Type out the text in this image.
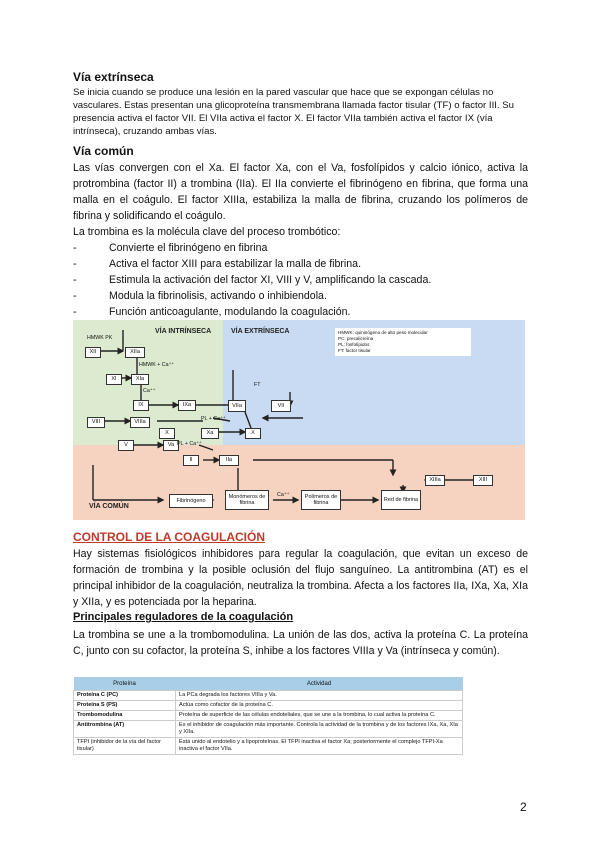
Vía extrínseca
Se inicia cuando se produce una lesión en la pared vascular que hace que se expongan células no vasculares. Estas presentan una glicoproteína transmembrana llamada factor tisular (TF) o factor III. Su presencia activa el factor VII. El VIIa activa el factor X. El factor VIIa también activa el factor IX (vía intrínseca), cruzando ambas vías.
Vía común
Las vías convergen con el Xa. El factor Xa, con el Va, fosfolípidos y calcio iónico, activa la protrombina (factor II) a trombina (IIa). El IIa convierte el fibrinógeno en fibrina, que forma una malla en el coágulo. El factor XIIIa, estabiliza la malla de fibrina, cruzando los polímeros de fibrina y solidificando el coágulo.
La trombina es la molécula clave del proceso trombótico:
-	Convierte el fibrinógeno en fibrina
-	Activa el factor XIII para estabilizar la malla de fibrina.
-	Estimula la activación del factor XI, VIII y V, amplificando la cascada.
-	Modula la fibrinolisis, activando o inhibiendola.
-	Función anticoagulante, modulando la coagulación.
VÍA INTRÍNSECA	VÍA EXTRÍNSECA
VÍA COMÚN
HMWK: quininógeno de alto peso molecular
PC: precalicreína
PL: fosfolípidos
FT: factor tisular
HMWK PK
XII	XIIa
HMWK + Ca⁺⁺
XI	XIa
Ca⁺⁺
IX	IXa
VIII	VIIIa
PL + Ca⁺⁺
X	Xa
VIIa	VII
FT
X
V	Va PL + Ca⁺⁺
II	IIa
XIIIa	XIII
Fibrinógeno
Monómeros de fibrina
Ca⁺⁺	Polímeros de fibrina
Red de fibrina
CONTROL DE LA COAGULACIÓN
Hay sistemas fisiológicos inhibidores para regular la coagulación, que evitan un exceso de formación de trombina y la posible oclusión del flujo sanguíneo. La antitrombina (AT) es el principal inhibidor de la coagulación, neutraliza la trombina. Afecta a los factores IIa, IXa, Xa, XIa y XIIa, y es potenciada por la heparina.
Principales reguladores de la coagulación
La trombina se une a la trombomodulina. La unión de las dos, activa la proteína C. La proteína C, junto con su cofactor, la proteína S, inhibe a los factores VIIIa y Va (intrínseca y común).
Proteína	Actividad
Proteína C (PC)	La PCa degrada los factores VIIIa y Va.
Proteína S (PS)	Actúa como cofactor de la proteína C.
Trombomodulina	Proteína de superficie de las células endoteliales, que se une a la trombina, lo cual activa la proteína C.
Antitrombina (AT)	Es el inhibidor de coagulación más importante. Controla la actividad de la trombina y de los factores IXa, Xa, XIa y XIIa.
TFPI (inhibidor de la vía del factor tisular)	Está unido al endotelio y a lipoproteínas. El TFPI inactiva el factor Xa; posteriormente el complejo TFPI-Xa inactiva el factor VIIa.
2
